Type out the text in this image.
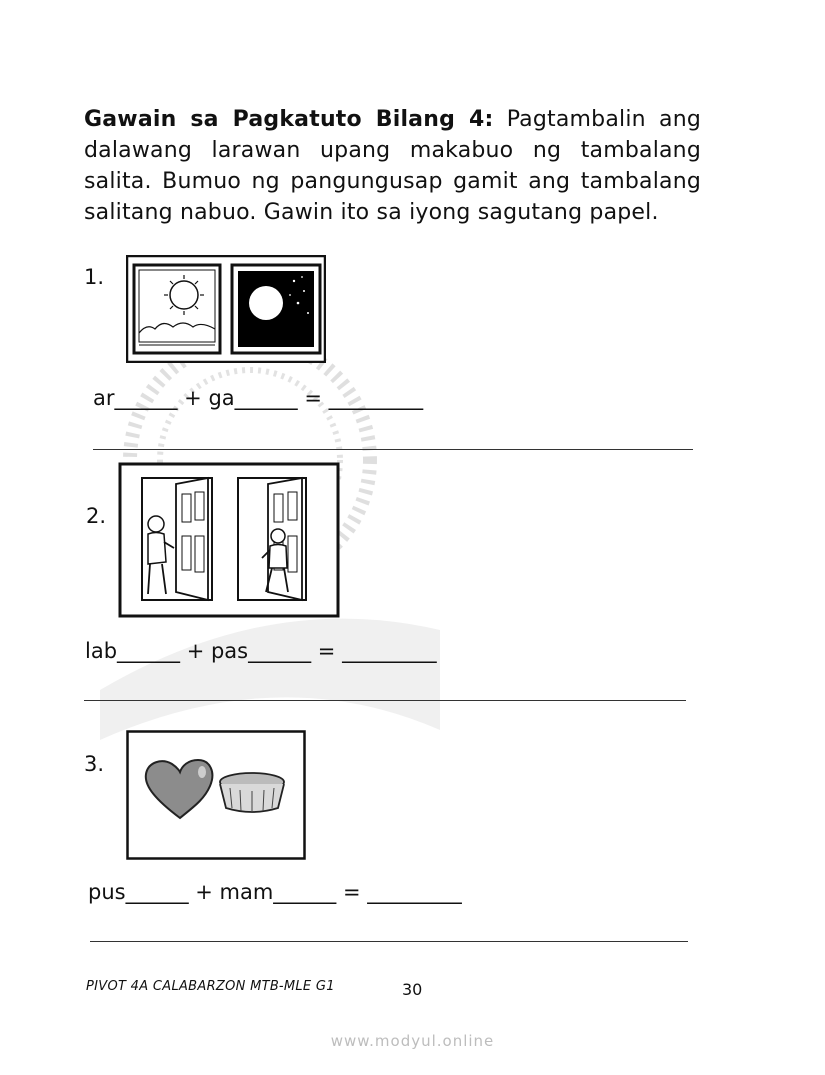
Gawain sa Pagkatuto Bilang 4: Pagtambalin ang dalawang larawan upang makabuo ng tambalang salita. Bumuo ng pangungusap gamit ang tambalang salitang nabuo. Gawin ito sa iyong sagutang papel.

1.
ar______ + ga______ = _________
2.
lab______ + pas______ = _________
3.
pus______ + mam______ = _________
PIVOT 4A CALABARZON MTB-MLE G1	30
www.modyul.online
